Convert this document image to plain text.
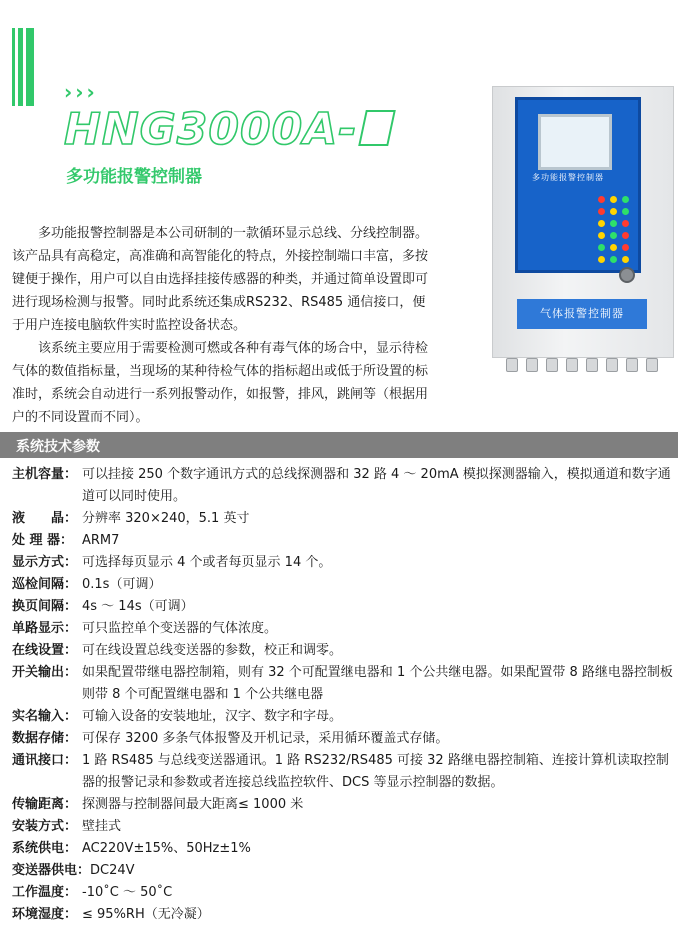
›››
HNG3000A-
多功能报警控制器	多功能报警控制器
气体报警控制器

多功能报警控制器是本公司研制的一款循环显示总线、分线控制器。该产品具有高稳定，高准确和高智能化的特点，外接控制端口丰富，多按键便于操作，用户可以自由选择挂接传感器的种类，并通过简单设置即可进行现场检测与报警。同时此系统还集成RS232、RS485 通信接口，便于用户连接电脑软件实时监控设备状态。

该系统主要应用于需要检测可燃或各种有毒气体的场合中，显示待检气体的数值指标量，当现场的某种待检气体的指标超出或低于所设置的标准时，系统会自动进行一系列报警动作，如报警，排风，跳闸等（根据用户的不同设置而不同）。

系统技术参数
主机容量： 可以挂接 250 个数字通讯方式的总线探测器和 32 路 4 ～ 20mA 模拟探测器输入，模拟通道和数字通道可以同时使用。
液　　晶： 分辨率 320×240，5.1 英寸
处 理 器： ARM7
显示方式： 可选择每页显示 4 个或者每页显示 14 个。
巡检间隔： 0.1s（可调）
换页间隔： 4s ～ 14s（可调）
单路显示： 可只监控单个变送器的气体浓度。
在线设置： 可在线设置总线变送器的参数，校正和调零。
开关输出： 如果配置带继电器控制箱，则有 32 个可配置继电器和 1 个公共继电器。如果配置带 8 路继电器控制板则带 8 个可配置继电器和 1 个公共继电器
实名输入： 可输入设备的安装地址，汉字、数字和字母。
数据存储： 可保存 3200 多条气体报警及开机记录，采用循环覆盖式存储。
通讯接口： 1 路 RS485 与总线变送器通讯。1 路 RS232/RS485 可接 32 路继电器控制箱、连接计算机读取控制器的报警记录和参数或者连接总线监控软件、DCS 等显示控制器的数据。
传输距离： 探测器与控制器间最大距离≤ 1000 米
安装方式： 壁挂式
系统供电： AC220V±15%、50Hz±1%
变送器供电： DC24V
工作温度： -10˚C ～ 50˚C
环境湿度： ≤ 95%RH（无冷凝）
